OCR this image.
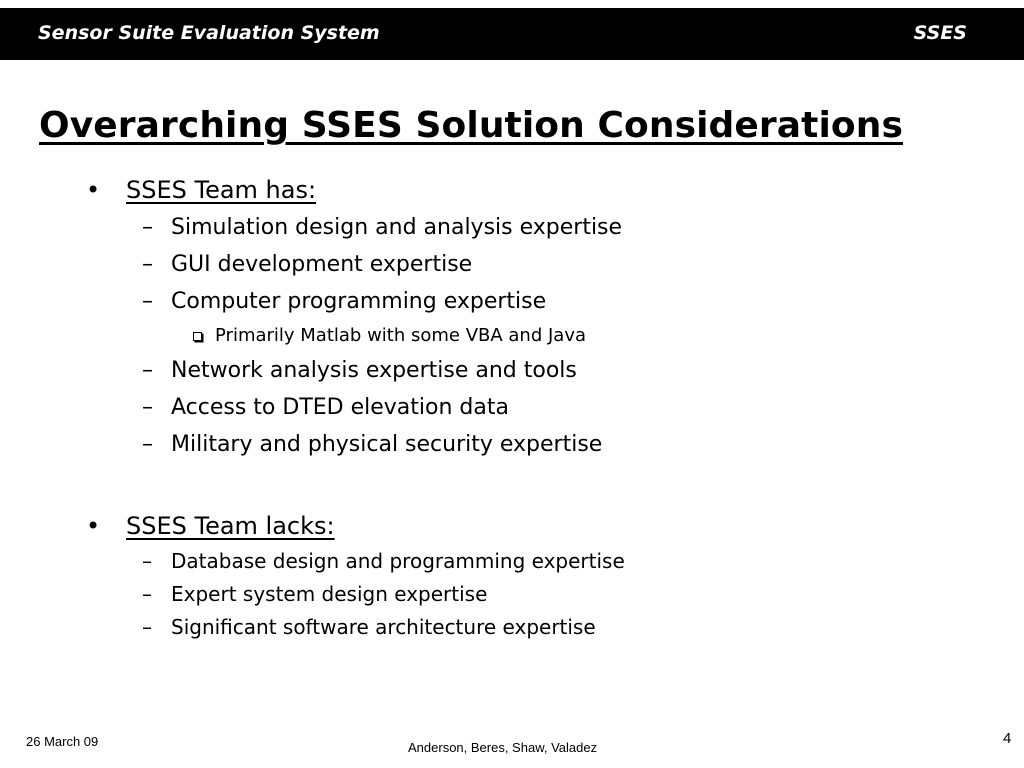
Sensor Suite Evaluation System	SSES
Overarching SSES Solution Considerations
• SSES Team has:
– Simulation design and analysis expertise
– GUI development expertise
– Computer programming expertise
Primarily Matlab with some VBA and Java
– Network analysis expertise and tools
– Access to DTED elevation data
– Military and physical security expertise
• SSES Team lacks:
– Database design and programming expertise
– Expert system design expertise
– Significant software architecture expertise
26 March 09	Anderson, Beres, Shaw, Valadez
4
